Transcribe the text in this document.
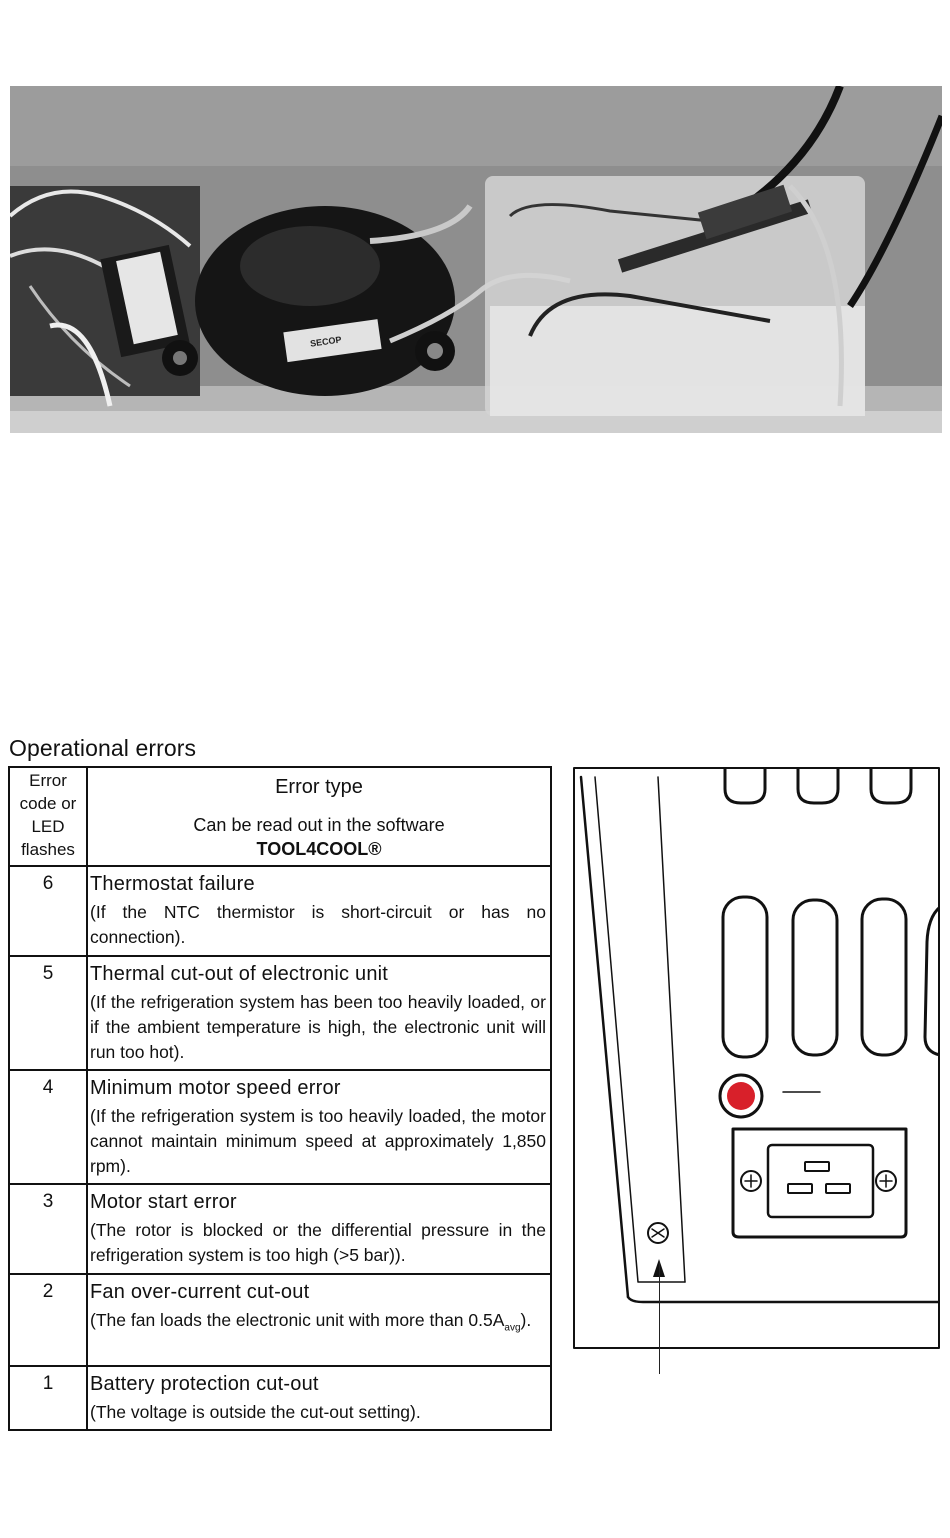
SECOP
Operational errors
Error code or LED flashes	Error type
Can be read out in the software
TOOL4COOL®

6	Thermostat failure
(If the NTC thermistor is short-circuit or has no connection).

5	Thermal cut-out of electronic unit
(If the refrigeration system has been too heavily loaded, or if the ambient temperature is high, the electronic unit will run too hot).

4	Minimum motor speed error
(If the refrigeration system is too heavily loaded, the motor cannot maintain minimum speed at approximately 1,850 rpm).

3	Motor start error
(The rotor is blocked or the differential pressure in the refrigeration system is too high (>5 bar)).

2	Fan over-current cut-out
(The fan loads the electronic unit with more than $0.5A_{avg}$).

1	Battery protection cut-out
(The voltage is outside the cut-out setting).
